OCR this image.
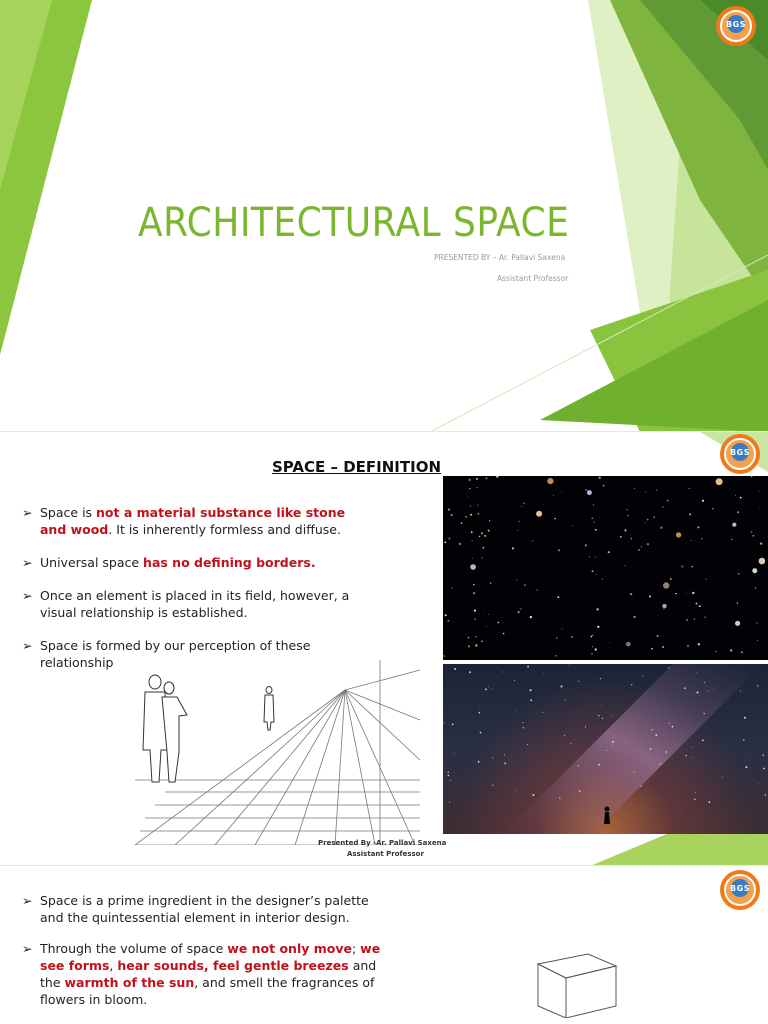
BGS
ARCHITECTURAL SPACE
PRESENTED BY – Ar. Pallavi Saxena
Assistant Professor
BGS
SPACE – DEFINITION
➢ Space is not a material substance like stone and wood. It is inherently formless and diffuse.
➢ Universal space has no defining borders.
➢ Once an element is placed in its field, however, a visual relationship is established.
➢ Space is formed by our perception of these relationship
Presented By -Ar. Pallavi Saxena
Assistant Professor
BGS
➢ Space is a prime ingredient in the designer’s palette and the quintessential element in interior design.
➢ Through the volume of space we not only move; we see forms, hear sounds, feel gentle breezes and the warmth of the sun, and smell the fragrances of flowers in bloom.
